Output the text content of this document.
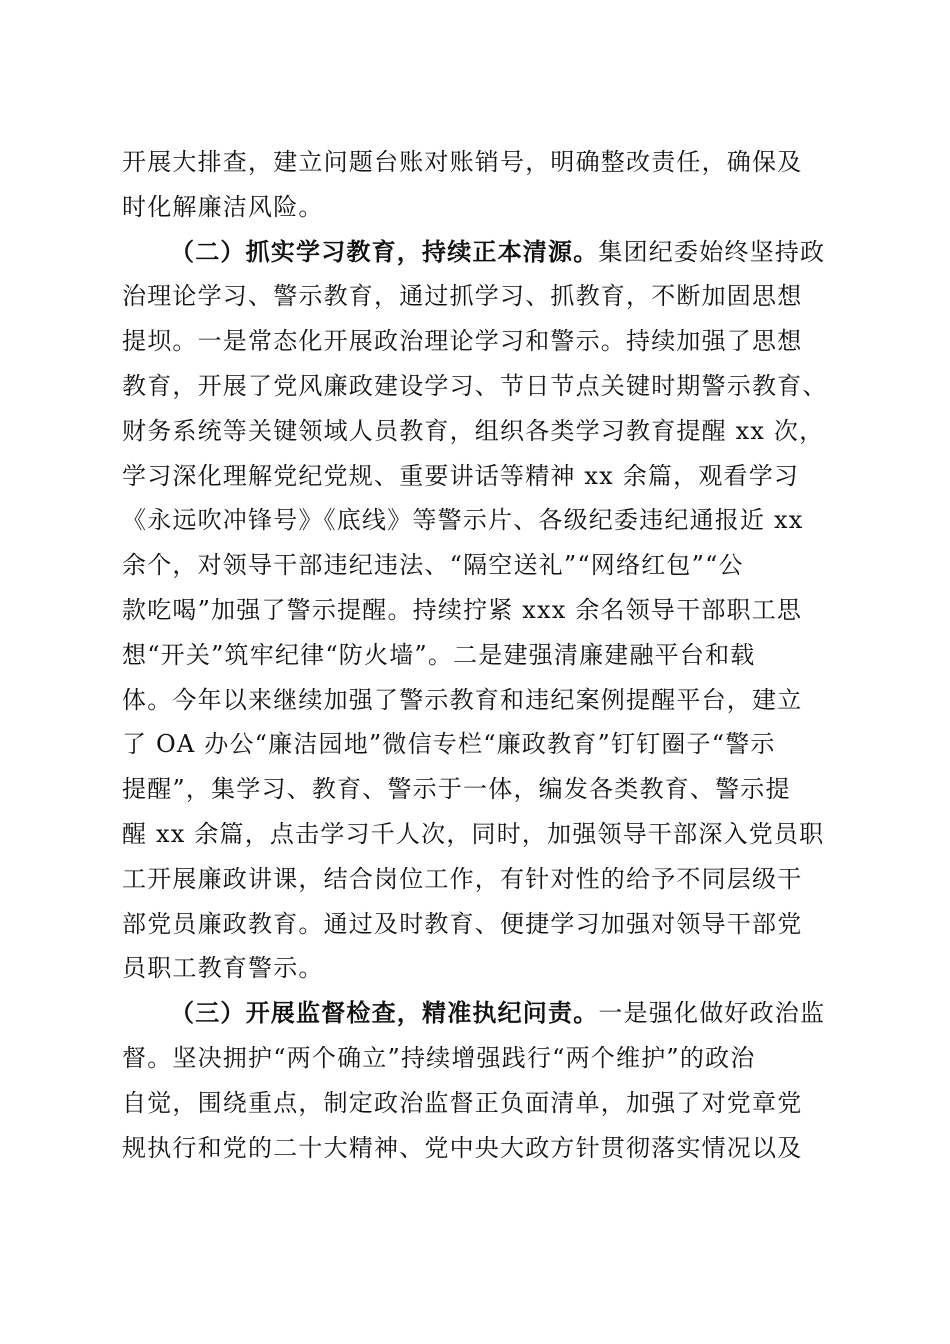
开展大排查，建立问题台账对账销号，明确整改责任，确保及
时化解廉洁风险。
（二）抓实学习教育，持续正本清源。集团纪委始终坚持政
治理论学习、警示教育，通过抓学习、抓教育，不断加固思想
提坝。一是常态化开展政治理论学习和警示。持续加强了思想
教育，开展了党风廉政建设学习、节日节点关键时期警示教育、
财务系统等关键领域人员教育，组织各类学习教育提醒 xx 次，
学习深化理解党纪党规、重要讲话等精神 xx 余篇，观看学习
《永远吹冲锋号》《底线》等警示片、各级纪委违纪通报近 xx
余个，对领导干部违纪违法、“隔空送礼”“网络红包”“公
款吃喝”加强了警示提醒。持续拧紧 xxx 余名领导干部职工思
想“开关”筑牢纪律“防火墙”。二是建强清廉建融平台和载
体。今年以来继续加强了警示教育和违纪案例提醒平台，建立
了 OA 办公“廉洁园地”微信专栏“廉政教育”钉钉圈子“警示
提醒”，集学习、教育、警示于一体，编发各类教育、警示提
醒 xx 余篇，点击学习千人次，同时，加强领导干部深入党员职
工开展廉政讲课，结合岗位工作，有针对性的给予不同层级干
部党员廉政教育。通过及时教育、便捷学习加强对领导干部党
员职工教育警示。
（三）开展监督检查，精准执纪问责。一是强化做好政治监
督。坚决拥护“两个确立”持续增强践行“两个维护”的政治
自觉，围绕重点，制定政治监督正负面清单，加强了对党章党
规执行和党的二十大精神、党中央大政方针贯彻落实情况以及
